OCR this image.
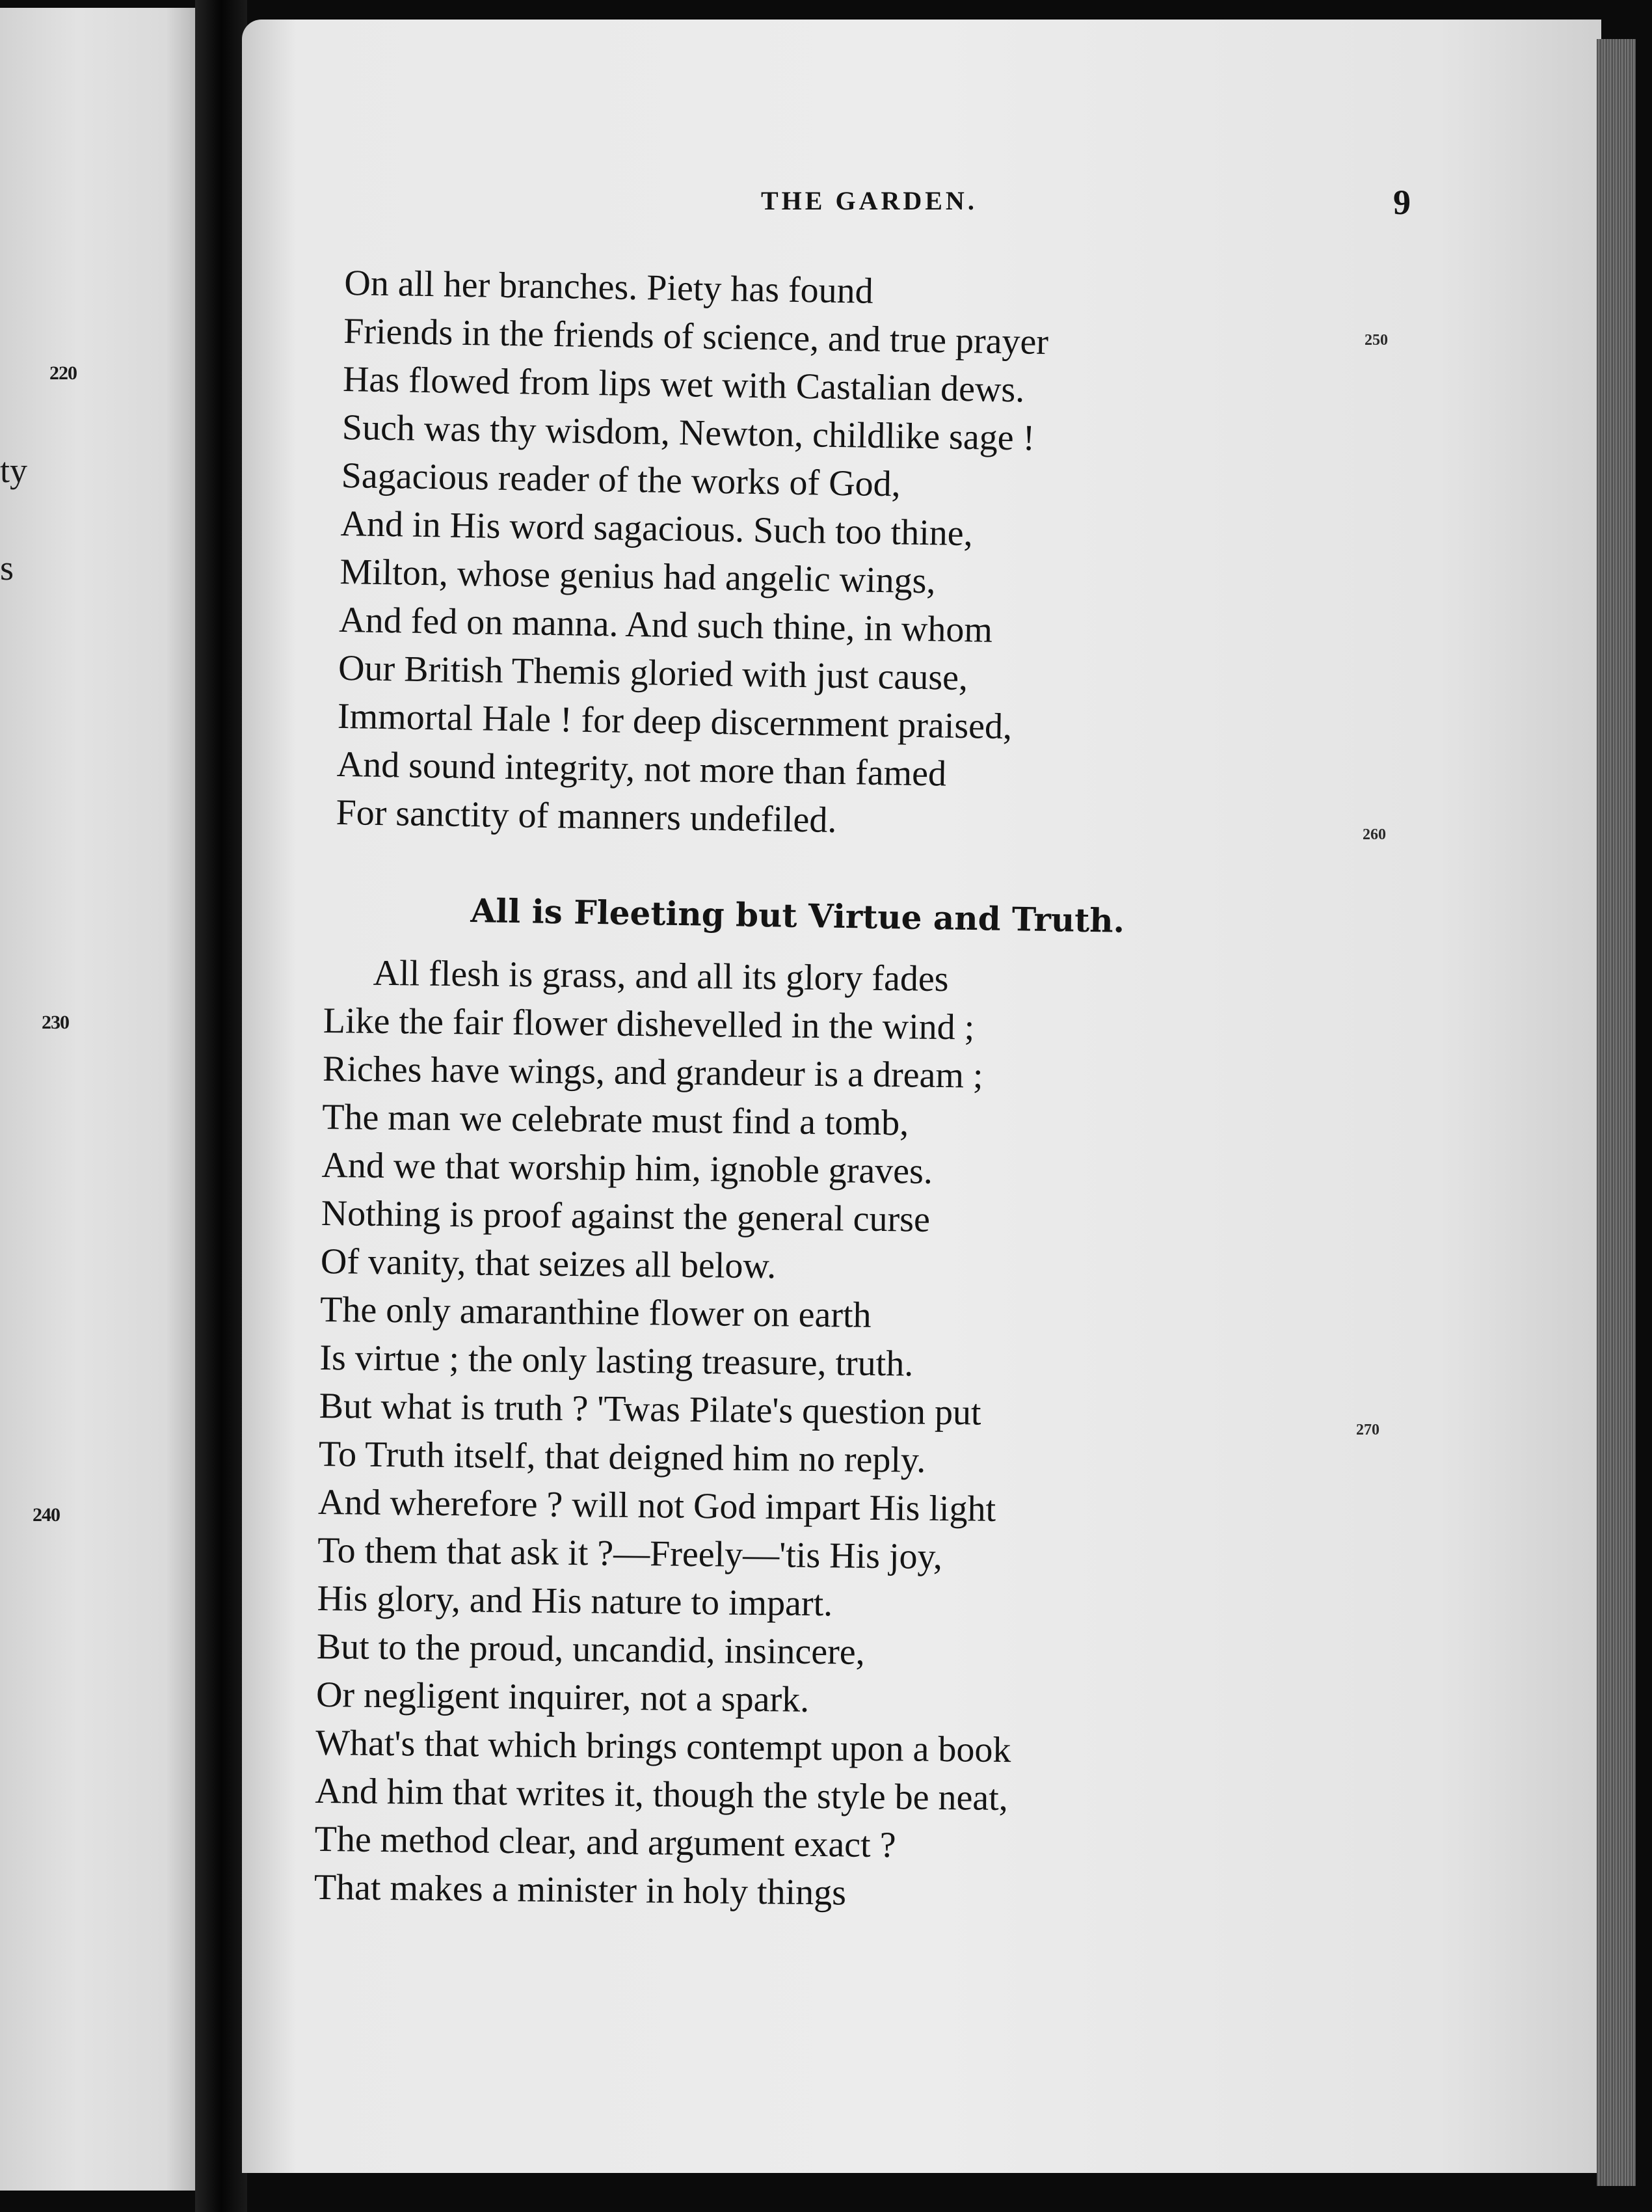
220
ty
s
230
240
THE GARDEN.	9
On all her branches. Piety has found
Friends in the friends of science, and true prayer
Has flowed from lips wet with Castalian dews.
Such was thy wisdom, Newton, childlike sage !
Sagacious reader of the works of God,
And in His word sagacious. Such too thine,
Milton, whose genius had angelic wings,
And fed on manna. And such thine, in whom
Our British Themis gloried with just cause,
Immortal Hale ! for deep discernment praised,
And sound integrity, not more than famed
For sanctity of manners undefiled.
All is Fleeting but Virtue and Truth.
All flesh is grass, and all its glory fades
Like the fair flower dishevelled in the wind ;
Riches have wings, and grandeur is a dream ;
The man we celebrate must find a tomb,
And we that worship him, ignoble graves.
Nothing is proof against the general curse
Of vanity, that seizes all below.
The only amaranthine flower on earth
Is virtue ; the only lasting treasure, truth.
But what is truth ? 'Twas Pilate's question put
To Truth itself, that deigned him no reply.
And wherefore ? will not God impart His light
To them that ask it ?—Freely—'tis His joy,
His glory, and His nature to impart.
But to the proud, uncandid, insincere,
Or negligent inquirer, not a spark.
What's that which brings contempt upon a book
And him that writes it, though the style be neat,
The method clear, and argument exact ?
That makes a minister in holy things
250
260
270
